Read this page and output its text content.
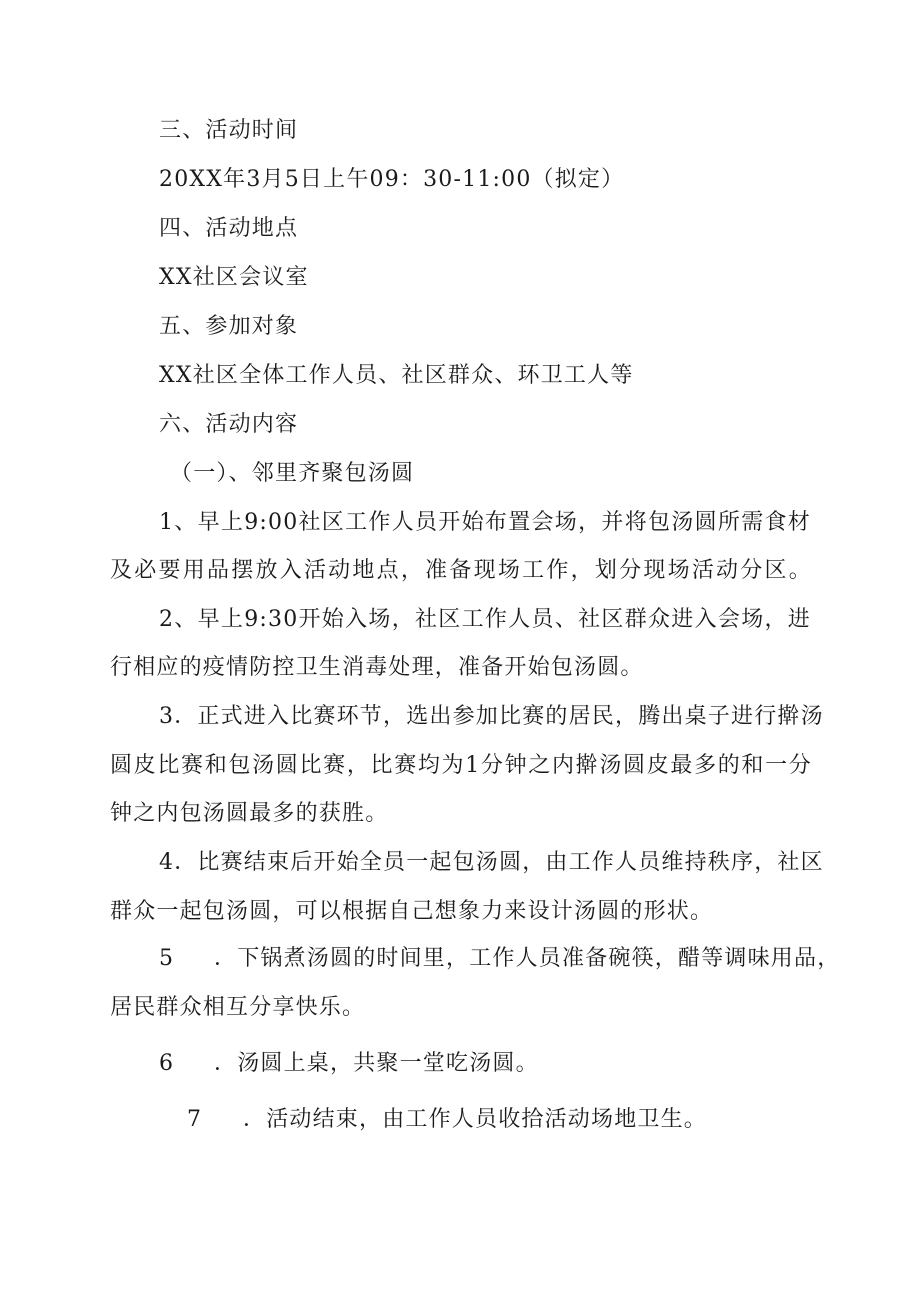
三、活动时间
20XX年3月5日上午09：30-11:00（拟定）
四、活动地点
XX社区会议室
五、参加对象
XX社区全体工作人员、社区群众、环卫工人等
六、活动内容
（一）、邻里齐聚包汤圆
1、早上9:00社区工作人员开始布置会场，并将包汤圆所需食材
及必要用品摆放入活动地点，准备现场工作，划分现场活动分区。
2、早上9:30开始入场，社区工作人员、社区群众进入会场，进
行相应的疫情防控卫生消毒处理，准备开始包汤圆。
3．正式进入比赛环节，选出参加比赛的居民，腾出桌子进行擀汤
圆皮比赛和包汤圆比赛，比赛均为1分钟之内擀汤圆皮最多的和一分
钟之内包汤圆最多的获胜。
4．比赛结束后开始全员一起包汤圆，由工作人员维持秩序，社区
群众一起包汤圆，可以根据自己想象力来设计汤圆的形状。
5 ．下锅煮汤圆的时间里，工作人员准备碗筷，醋等调味用品，
居民群众相互分享快乐。
6 ．汤圆上桌，共聚一堂吃汤圆。
7 ．活动结束，由工作人员收拾活动场地卫生。
